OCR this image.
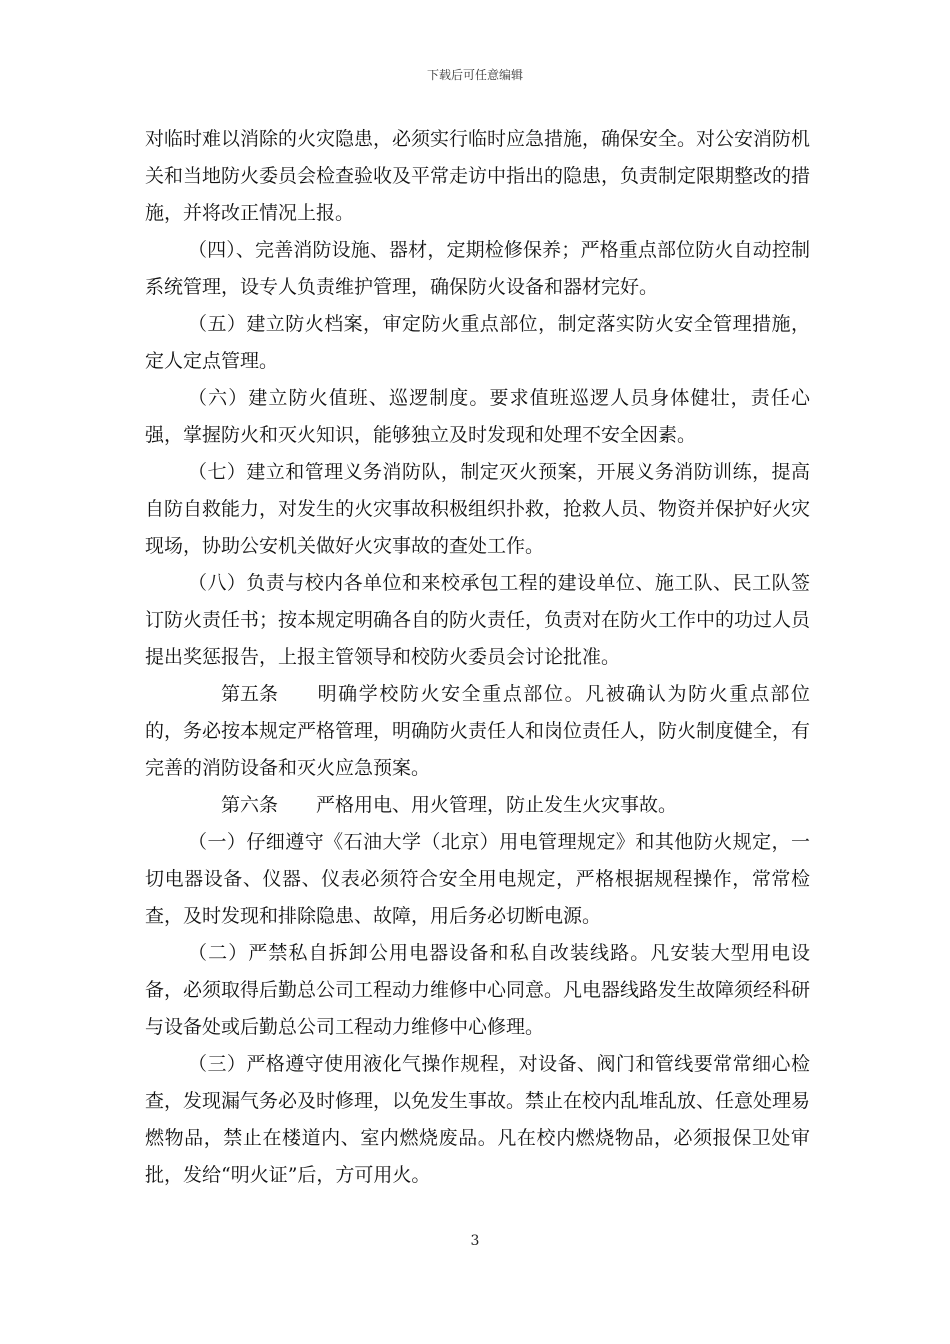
下载后可任意编辑

对临时难以消除的火灾隐患，必须实行临时应急措施，确保安全。对公安消防机关和当地防火委员会检查验收及平常走访中指出的隐患，负责制定限期整改的措施，并将改正情况上报。

（四）、完善消防设施、器材，定期检修保养；严格重点部位防火自动控制系统管理，设专人负责维护管理，确保防火设备和器材完好。

（五）建立防火档案，审定防火重点部位，制定落实防火安全管理措施，定人定点管理。

（六）建立防火值班、巡逻制度。要求值班巡逻人员身体健壮，责任心强，掌握防火和灭火知识，能够独立及时发现和处理不安全因素。

（七）建立和管理义务消防队，制定灭火预案，开展义务消防训练，提高自防自救能力，对发生的火灾事故积极组织扑救，抢救人员、物资并保护好火灾现场，协助公安机关做好火灾事故的查处工作。

（八）负责与校内各单位和来校承包工程的建设单位、施工队、民工队签订防火责任书；按本规定明确各自的防火责任，负责对在防火工作中的功过人员提出奖惩报告，上报主管领导和校防火委员会讨论批准。

第五条 明确学校防火安全重点部位。凡被确认为防火重点部位的，务必按本规定严格管理，明确防火责任人和岗位责任人，防火制度健全，有完善的消防设备和灭火应急预案。

第六条 严格用电、用火管理，防止发生火灾事故。

（一）仔细遵守《石油大学（北京）用电管理规定》和其他防火规定，一切电器设备、仪器、仪表必须符合安全用电规定，严格根据规程操作，常常检查，及时发现和排除隐患、故障，用后务必切断电源。

（二）严禁私自拆卸公用电器设备和私自改装线路。凡安装大型用电设备，必须取得后勤总公司工程动力维修中心同意。凡电器线路发生故障须经科研与设备处或后勤总公司工程动力维修中心修理。

（三）严格遵守使用液化气操作规程，对设备、阀门和管线要常常细心检查，发现漏气务必及时修理，以免发生事故。禁止在校内乱堆乱放、任意处理易燃物品，禁止在楼道内、室内燃烧废品。凡在校内燃烧物品，必须报保卫处审批，发给“明火证”后，方可用火。

3
